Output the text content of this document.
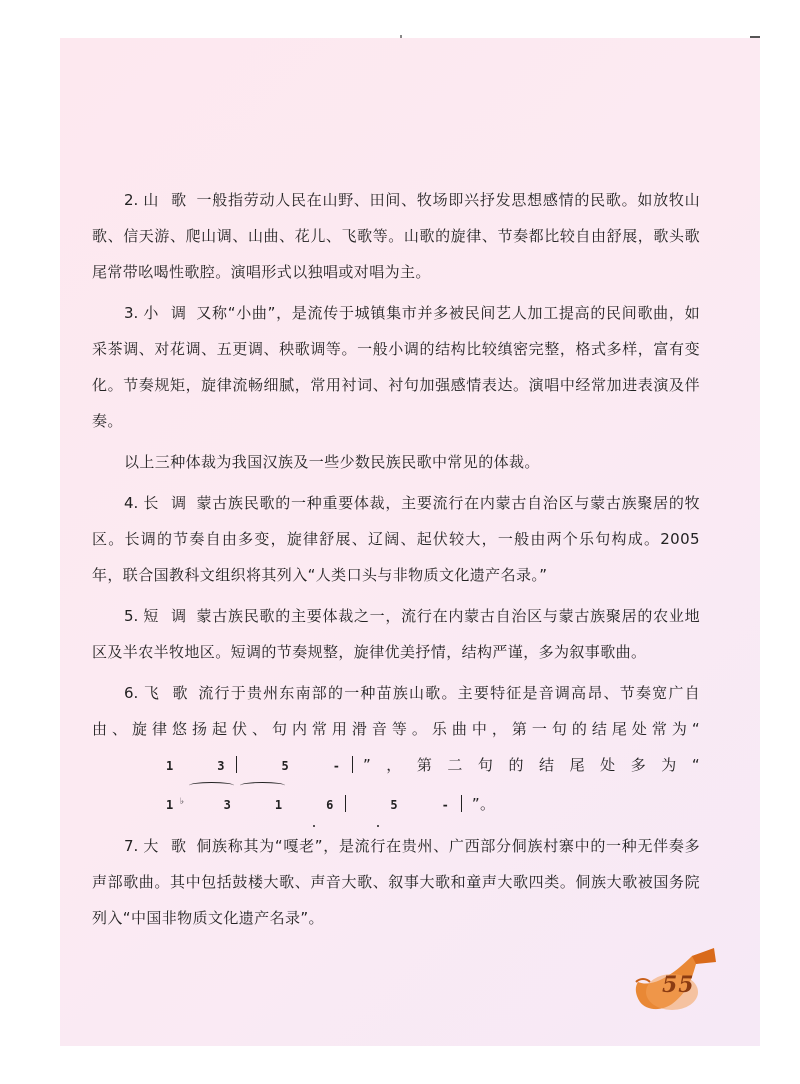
2. 山 歌 一般指劳动人民在山野、田间、牧场即兴抒发思想感情的民歌。如放牧山歌、信天游、爬山调、山曲、花儿、飞歌等。山歌的旋律、节奏都比较自由舒展，歌头歌尾常带吆喝性歌腔。演唱形式以独唱或对唱为主。

3. 小 调 又称“小曲”，是流传于城镇集市并多被民间艺人加工提高的民间歌曲，如采茶调、对花调、五更调、秧歌调等。一般小调的结构比较缜密完整，格式多样，富有变化。节奏规矩，旋律流畅细腻，常用衬词、衬句加强感情表达。演唱中经常加进表演及伴奏。

以上三种体裁为我国汉族及一些少数民族民歌中常见的体裁。

4. 长 调 蒙古族民歌的一种重要体裁，主要流行在内蒙古自治区与蒙古族聚居的牧区。长调的节奏自由多变，旋律舒展、辽阔、起伏较大，一般由两个乐句构成。2005年，联合国教科文组织将其列入“人类口头与非物质文化遗产名录。”

5. 短 调 蒙古族民歌的主要体裁之一，流行在内蒙古自治区与蒙古族聚居的农业地区及半农半牧地区。短调的节奏规整，旋律优美抒情，结构严谨，多为叙事歌曲。

6. 飞 歌 流行于贵州东南部的一种苗族山歌。主要特征是音调高昂、节奏宽广自由、旋律悠扬起伏、句内常用滑音等。乐曲中，第一句的结尾处常为“1	3	5	- ”，第二句的结尾处多为“1 ♭	3	1	6	5	- ”。

7. 大 歌 侗族称其为“嘎老”，是流行在贵州、广西部分侗族村寨中的一种无伴奏多声部歌曲。其中包括鼓楼大歌、声音大歌、叙事大歌和童声大歌四类。侗族大歌被国务院列入“中国非物质文化遗产名录”。

55
